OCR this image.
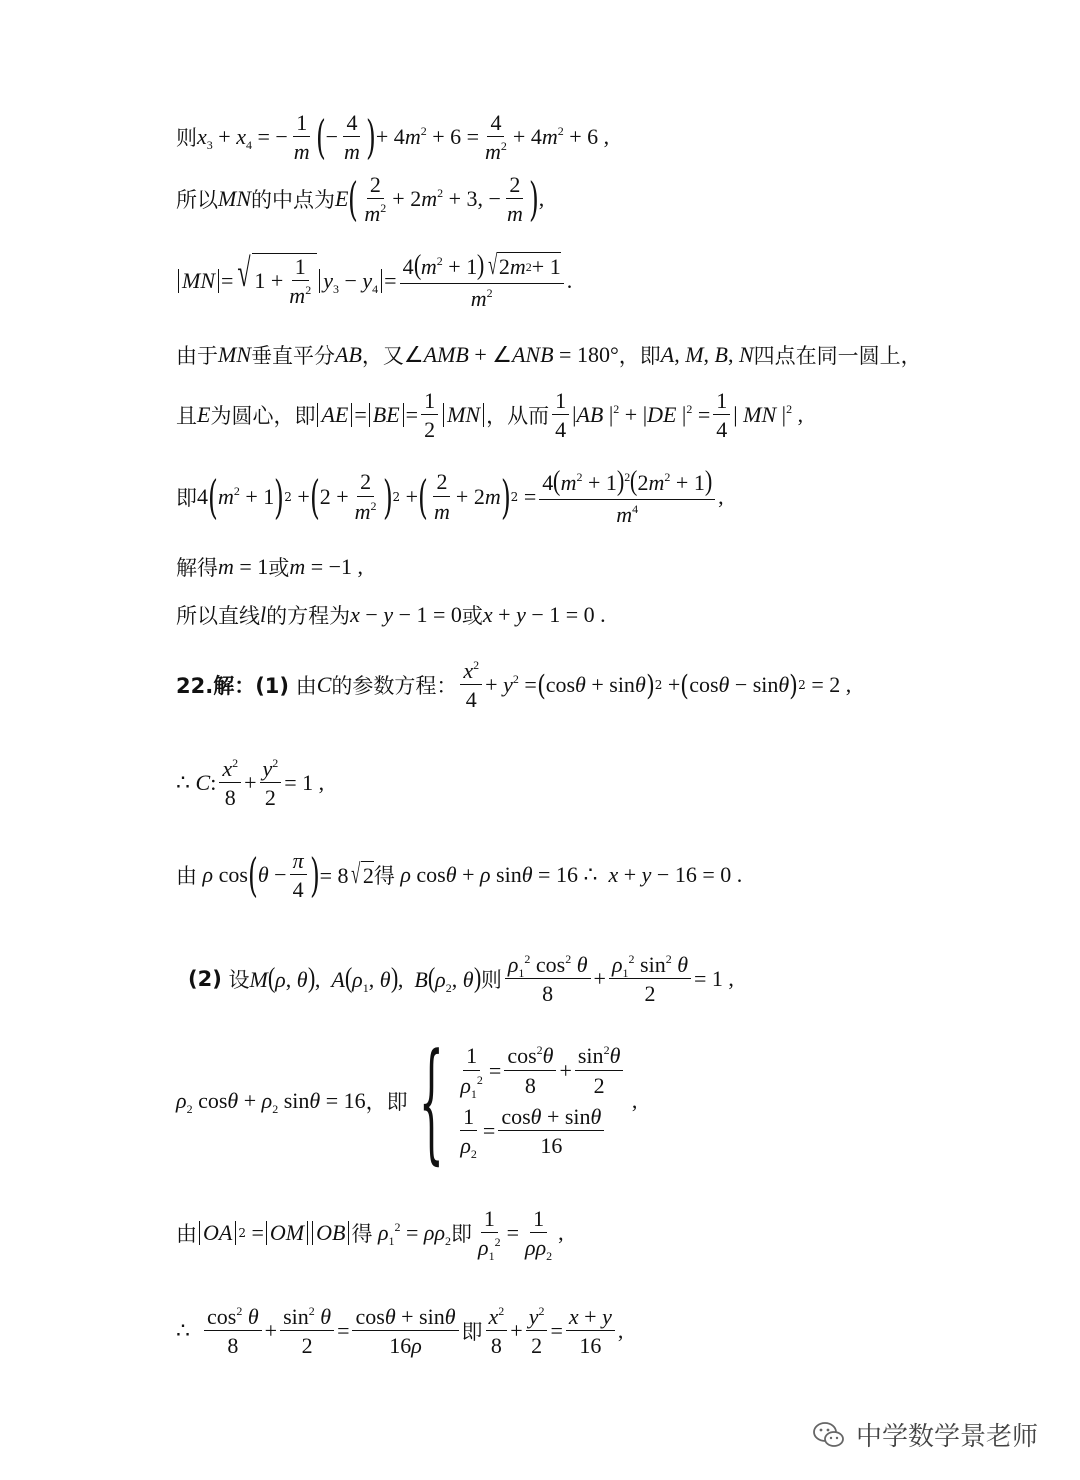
则 $x_3 + x_4$ = − $\frac{1}{m}$ ( − $\frac{4}{m}$ ) + $4m^2 + 6 = \frac{4}{m^2} + 4m^2 + 6$ ,
所以 MN 的中点为 E ( 2
$m^2 + 2m^2 + 3$, − $\frac{2}{m}$ ) ,
MN = √ 1 +
1
$m^2$ $y_3 - y_4 = \frac{4(m^2 + 1) √ 2 m 2 + 1}{m^2}$ .
由于 MN 垂直平分 AB ，又 ∠AMB + ∠ANB = 180° ，即 A, M, B, N 四点在同一圆上，
且 E 为圆心，即 AE = BE = $\frac{1}{2}$ MN ，从而
1
4
|AB $|^2 + |DE$ $|^2 = \frac{1}{4}$ | MN $|^2$ ,
即 4 ( $m^2 + 1$ ) 2 + ( $2 + \frac{2}{m^2}$ ) 2 + ( 2
m
+ 2m ) $2 = \frac{4(m^2 + 1)^2(2m^2 + 1)}{m^4}$ ,
解得 m = 1 或 m = −1 ,
所以直线 l 的方程为 x − y − 1 = 0 或 x + y − 1 = 0 .
22.解：(1)
由 C 的参数方程：
$x^2$
4
+ $y^2$ = ( cosθ + sinθ ) 2 + ( cosθ − sinθ ) 2 = 2 ,
∴ C:
$x^2$
8
+ $\frac{y^2}{2} = 1$ ,
由 ρ cos ( $\theta - \frac{\pi}{4}$ ) = 8 √ 2 得 ρ cosθ + ρ sinθ = 16 ∴  x + y − 16 = 0 .
(2)
设 M(ρ, θ),  $A(\rho_1$, θ),  $B(\rho_2$, θ) 则
$\rho_1^2$ $\cos^2 \theta$
8
+ $\frac{\rho_1^2 \sin^2 \theta}{2} = 1$ ,
$\rho_2$ $\cos\theta + \rho_2$ sinθ = 16 ，即 { $\frac{1}{\rho_1^2} = \frac{\cos^2\theta}{8} + \frac{\sin^2\theta}{2}$
$\frac{1}{\rho_2} = \frac{\cos\theta + \sin\theta}{16}$
,
由 OA 2 = OM OB 得 $\rho_1^2 = \rho\rho_2$ 即 $\frac{1}{\rho_1^2} = \frac{1}{\rho\rho_2}$ ,
∴
$\cos^2 \theta$
8
+ $\frac{\sin^2 \theta}{2} = \frac{\cos\theta + \sin\theta}{16\rho}$ 即
$x^2$
8
+ $\frac{y^2}{2} = \frac{x + y}{16}$ ,
中学数学景老师
